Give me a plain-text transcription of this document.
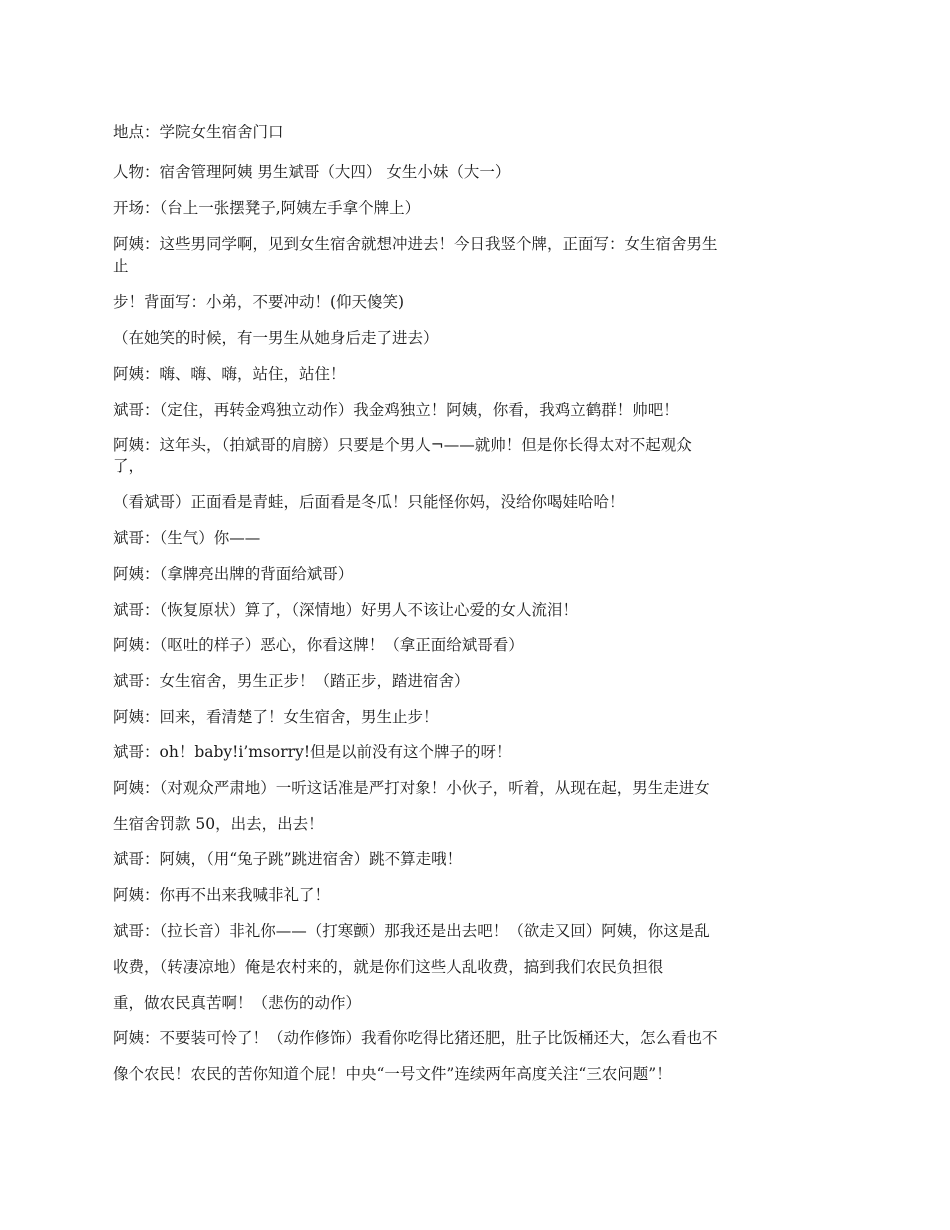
地点：学院女生宿舍门口
人物：宿舍管理阿姨 男生斌哥（大四） 女生小妹（大一）
开场：（台上一张摆凳子,阿姨左手拿个牌上）
阿姨：这些男同学啊，见到女生宿舍就想冲进去！今日我竖个牌，正面写：女生宿舍男生
止
步！背面写：小弟，不要冲动！(仰天傻笑)
（在她笑的时候，有一男生从她身后走了进去）
阿姨：嗨、嗨、嗨，站住，站住！
斌哥：（定住，再转金鸡独立动作）我金鸡独立！阿姨，你看，我鸡立鹤群！帅吧！
阿姨：这年头，（拍斌哥的肩膀）只要是个男人¬——就帅！但是你长得太对不起观众
了，
（看斌哥）正面看是青蛙，后面看是冬瓜！只能怪你妈，没给你喝娃哈哈！
斌哥：（生气）你——
阿姨：（拿牌亮出牌的背面给斌哥）
斌哥：（恢复原状）算了，（深情地）好男人不该让心爱的女人流泪！
阿姨：（呕吐的样子）恶心，你看这牌！（拿正面给斌哥看）
斌哥：女生宿舍，男生正步！（踏正步，踏进宿舍）
阿姨：回来，看清楚了！女生宿舍，男生止步！
斌哥：oh！baby!i’msorry!但是以前没有这个牌子的呀！
阿姨：（对观众严肃地）一听这话准是严打对象！小伙子，听着，从现在起，男生走进女
生宿舍罚款 50，出去，出去！
斌哥：阿姨，（用“兔子跳”跳进宿舍）跳不算走哦！
阿姨：你再不出来我喊非礼了！
斌哥：（拉长音）非礼你——（打寒颤）那我还是出去吧！（欲走又回）阿姨，你这是乱
收费，（转凄凉地）俺是农村来的，就是你们这些人乱收费，搞到我们农民负担很
重，做农民真苦啊！（悲伤的动作）
阿姨：不要装可怜了！（动作修饰）我看你吃得比猪还肥，肚子比饭桶还大，怎么看也不
像个农民！农民的苦你知道个屁！中央“一号文件”连续两年高度关注“三农问题”！
